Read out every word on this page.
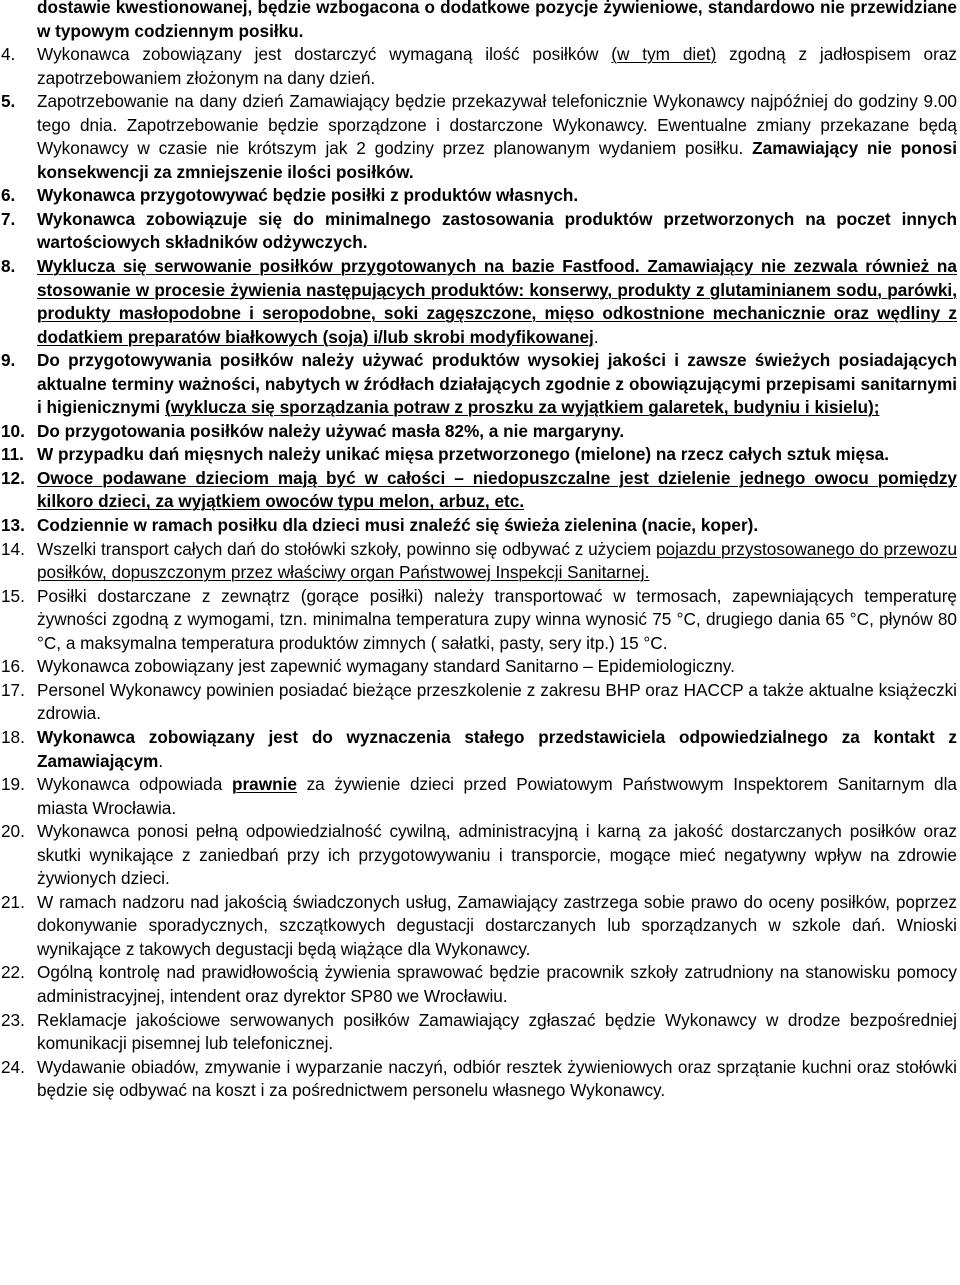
dostawie kwestionowanej, będzie wzbogacona o dodatkowe pozycje żywieniowe, standardowo nie przewidziane w typowym codziennym posiłku.
4. Wykonawca zobowiązany jest dostarczyć wymaganą ilość posiłków (w tym diet) zgodną z jadłospisem oraz zapotrzebowaniem złożonym na dany dzień.
5. Zapotrzebowanie na dany dzień Zamawiający będzie przekazywał telefonicznie Wykonawcy najpóźniej do godziny 9.00 tego dnia. Zapotrzebowanie będzie sporządzone i dostarczone Wykonawcy. Ewentualne zmiany przekazane będą Wykonawcy w czasie nie krótszym jak 2 godziny przez planowanym wydaniem posiłku. Zamawiający nie ponosi konsekwencji za zmniejszenie ilości posiłków.
6. Wykonawca przygotowywać będzie posiłki z produktów własnych.
7. Wykonawca zobowiązuje się do minimalnego zastosowania produktów przetworzonych na poczet innych wartościowych składników odżywczych.
8. Wyklucza się serwowanie posiłków przygotowanych na bazie Fastfood. Zamawiający nie zezwala również na stosowanie w procesie żywienia następujących produktów: konserwy, produkty z glutaminianem sodu, parówki, produkty masłopodobne i seropodobne, soki zagęszczone, mięso odkostnione mechanicznie oraz wędliny z dodatkiem preparatów białkowych (soja) i/lub skrobi modyfikowanej.
9. Do przygotowywania posiłków należy używać produktów wysokiej jakości i zawsze świeżych posiadających aktualne terminy ważności, nabytych w źródłach działających zgodnie z obowiązującymi przepisami sanitarnymi i higienicznymi (wyklucza się sporządzania potraw z proszku za wyjątkiem galaretek, budyniu i kisielu);
10. Do przygotowania posiłków należy używać masła 82%, a nie margaryny.
11. W przypadku dań mięsnych należy unikać mięsa przetworzonego (mielone) na rzecz całych sztuk mięsa.
12. Owoce podawane dzieciom mają być w całości – niedopuszczalne jest dzielenie jednego owocu pomiędzy kilkoro dzieci, za wyjątkiem owoców typu melon, arbuz, etc.
13. Codziennie w ramach posiłku dla dzieci musi znaleźć się świeża zielenina (nacie, koper).
14. Wszelki transport całych dań do stołówki szkoły, powinno się odbywać z użyciem pojazdu przystosowanego do przewozu posiłków, dopuszczonym przez właściwy organ Państwowej Inspekcji Sanitarnej.
15. Posiłki dostarczane z zewnątrz (gorące posiłki) należy transportować w termosach, zapewniających temperaturę żywności zgodną z wymogami, tzn. minimalna temperatura zupy winna wynosić 75 °C, drugiego dania 65 °C, płynów 80 °C, a maksymalna temperatura produktów zimnych ( sałatki, pasty, sery itp.) 15 °C.
16. Wykonawca zobowiązany jest zapewnić wymagany standard Sanitarno – Epidemiologiczny.
17. Personel Wykonawcy powinien posiadać bieżące przeszkolenie z zakresu BHP oraz HACCP a także aktualne książeczki zdrowia.
18. Wykonawca zobowiązany jest do wyznaczenia stałego przedstawiciela odpowiedzialnego za kontakt z Zamawiającym.
19. Wykonawca odpowiada prawnie za żywienie dzieci przed Powiatowym Państwowym Inspektorem Sanitarnym dla miasta Wrocławia.
20. Wykonawca ponosi pełną odpowiedzialność cywilną, administracyjną i karną za jakość dostarczanych posiłków oraz skutki wynikające z zaniedbań przy ich przygotowywaniu i transporcie, mogące mieć negatywny wpływ na zdrowie żywionych dzieci.
21. W ramach nadzoru nad jakością świadczonych usług, Zamawiający zastrzega sobie prawo do oceny posiłków, poprzez dokonywanie sporadycznych, szczątkowych degustacji dostarczanych lub sporządzanych w szkole dań. Wnioski wynikające z takowych degustacji będą wiążące dla Wykonawcy.
22. Ogólną kontrolę nad prawidłowością żywienia sprawować będzie pracownik szkoły zatrudniony na stanowisku pomocy administracyjnej, intendent oraz dyrektor SP80 we Wrocławiu.
23. Reklamacje jakościowe serwowanych posiłków Zamawiający zgłaszać będzie Wykonawcy w drodze bezpośredniej komunikacji pisemnej lub telefonicznej.
24. Wydawanie obiadów, zmywanie i wyparzanie naczyń, odbiór resztek żywieniowych oraz sprzątanie kuchni oraz stołówki będzie się odbywać na koszt i za pośrednictwem personelu własnego Wykonawcy.
